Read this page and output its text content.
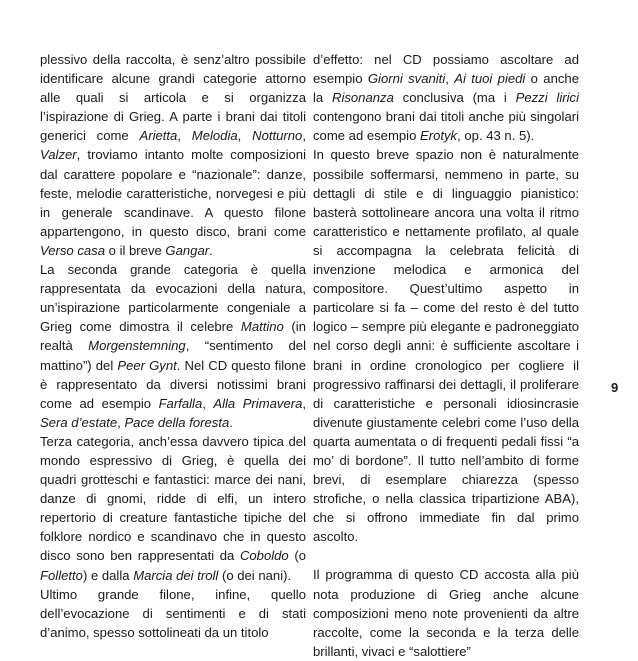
plessivo della raccolta, è senz’altro possibile identificare alcune grandi categorie attorno alle quali si articola e si organizza l’ispirazione di Grieg. A parte i brani dai titoli generici come Arietta, Melodia, Notturno, Valzer, troviamo intanto molte composizioni dal carattere popolare e “nazionale”: danze, feste, melodie caratteristiche, norvegesi e più in generale scandinave. A questo filone appartengono, in questo disco, brani come Verso casa o il breve Gangar.

La seconda grande categoria è quella rappresentata da evocazioni della natura, un’ispirazione particolarmente congeniale a Grieg come dimostra il celebre Mattino (in realtà Morgenstemning, “sentimento del mattino”) del Peer Gynt. Nel CD questo filone è rappresentato da diversi notissimi brani come ad esempio Farfalla, Alla Primavera, Sera d’estate, Pace della foresta.

Terza categoria, anch’essa davvero tipica del mondo espressivo di Grieg, è quella dei quadri grotteschi e fantastici: marce dei nani, danze di gnomi, ridde di elfi, un intero repertorio di creature fantastiche tipiche del folklore nordico e scandinavo che in questo disco sono ben rappresentati da Coboldo (o Folletto) e dalla Marcia dei troll (o dei nani).

Ultimo grande filone, infine, quello dell’evocazione di sentimenti e di stati d’animo, spesso sottolineati da un titolo

d’effetto: nel CD possiamo ascoltare ad esempio Giorni svaniti, Ai tuoi piedi o anche la Risonanza conclusiva (ma i Pezzi lirici contengono brani dai titoli anche più singolari come ad esempio Erotyk, op. 43 n. 5).

In questo breve spazio non è naturalmente possibile soffermarsi, nemmeno in parte, su dettagli di stile e di linguaggio pianistico: basterà sottolineare ancora una volta il ritmo caratteristico e nettamente profilato, al quale si accompagna la celebrata felicità di invenzione melodica e armonica del compositore. Quest’ultimo aspetto in particolare si fa – come del resto è del tutto logico – sempre più elegante e padroneggiato nel corso degli anni: è sufficiente ascoltare i brani in ordine cronologico per cogliere il progressivo raffinarsi dei dettagli, il proliferare di caratteristiche e personali idiosincrasie divenute giustamente celebri come l’uso della quarta aumentata o di frequenti pedali fissi “a mo’ di bordone”. Il tutto nell’ambito di forme brevi, di esemplare chiarezza (spesso strofiche, o nella classica tripartizione ABA), che si offrono immediate fin dal primo ascolto.

Il programma di questo CD accosta alla più nota produzione di Grieg anche alcune composizioni meno note provenienti da altre raccolte, come la seconda e la terza delle brillanti, vivaci e “salottiere”

9
